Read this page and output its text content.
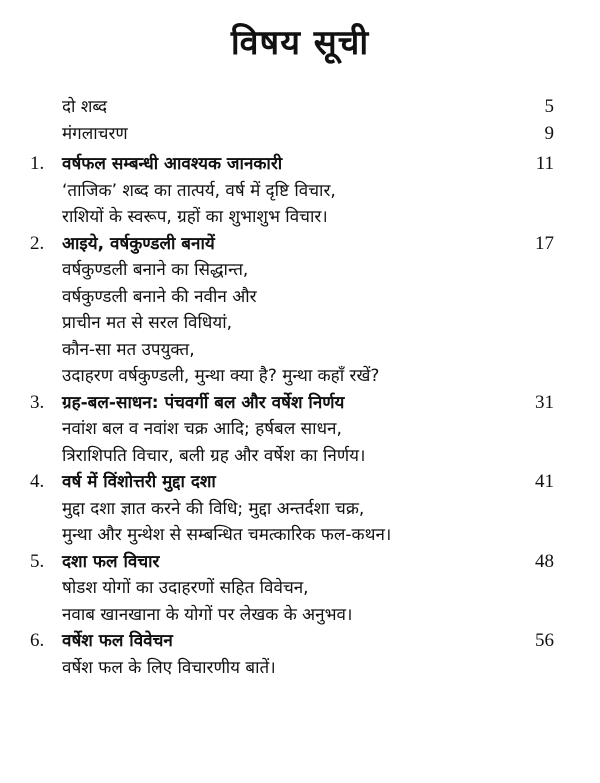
विषय सूची
दो शब्द	5
मंगलाचरण	9
1. वर्षफल सम्बन्धी आवश्यक जानकारी	11
‘ताजिक’ शब्द का तात्पर्य, वर्ष में दृष्टि विचार,
राशियों के स्वरूप, ग्रहों का शुभाशुभ विचार।
2. आइये, वर्षकुण्डली बनायें	17
वर्षकुण्डली बनाने का सिद्धान्त,
वर्षकुण्डली बनाने की नवीन और
प्राचीन मत से सरल विधियां,
कौन-सा मत उपयुक्त,
उदाहरण वर्षकुण्डली, मुन्था क्या है? मुन्था कहाँ रखें?
3. ग्रह-बल-साधन: पंचवर्गी बल और वर्षेश निर्णय	31
नवांश बल व नवांश चक्र आदि; हर्षबल साधन,
त्रिराशिपति विचार, बली ग्रह और वर्षेश का निर्णय।
4. वर्ष में विंशोत्तरी मुद्दा दशा	41
मुद्दा दशा ज्ञात करने की विधि; मुद्दा अन्तर्दशा चक्र,
मुन्था और मुन्थेश से सम्बन्धित चमत्कारिक फल-कथन।
5. दशा फल विचार	48
षोडश योगों का उदाहरणों सहित विवेचन,
नवाब खानखाना के योगों पर लेखक के अनुभव।
6. वर्षेश फल विवेचन	56
वर्षेश फल के लिए विचारणीय बातें।
